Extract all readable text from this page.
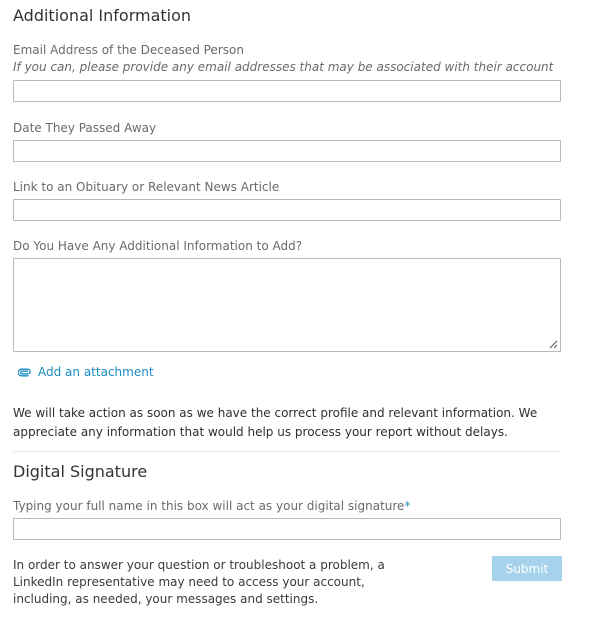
Additional Information
Email Address of the Deceased Person
If you can, please provide any email addresses that may be associated with their account
Date They Passed Away
Link to an Obituary or Relevant News Article
Do You Have Any Additional Information to Add?
Add an attachment
We will take action as soon as we have the correct profile and relevant information. We appreciate any information that would help us process your report without delays.
Digital Signature
Typing your full name in this box will act as your digital signature*
In order to answer your question or troubleshoot a problem, a LinkedIn representative may need to access your account, including, as needed, your messages and settings.
Submit
